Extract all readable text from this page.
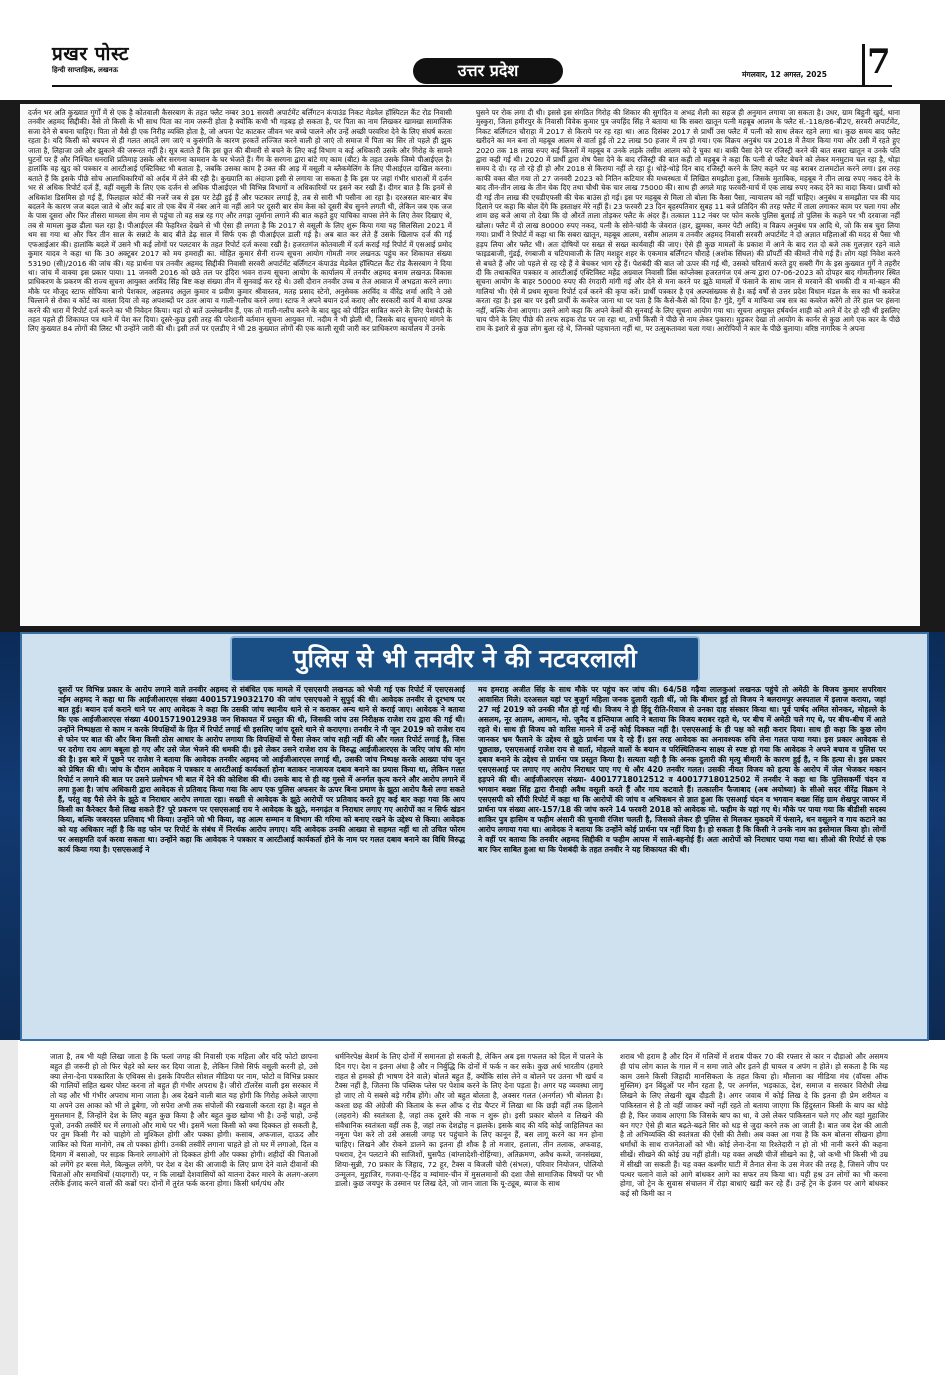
प्रखर पोस्ट
हिन्दी साप्ताहिक, लखनऊ	उत्तर प्रदेश	मंगलवार, 12 अगस्त, 2025 7
दर्जन भर अति कुख्यात गुर्गों में से एक है कोतवाली कैसरबाग के तहत फ्लैट नम्बर 301 सरवरी अपार्टमेंट बर्लिंगटन कंपाउंड निकट मेडवेल हॉस्पिटल कैंट रोड निवासी तनवीर अहमद सिद्दीकी। वैसे तो किसी के भी साथ पिता का नाम जरूरी होता है क्योंकि कभी भी गड़बड़ हो सकता है, पर पिता का नाम लिखकर खामखा सामाजिक सजा देने से बचना चाहिए। पिता तो वैसे ही एक निरीह व्यक्ति होता है, जो अपना पेट काटकर जीवन भर बच्चे पालने और उन्हें अच्छी परवरिश देने के लिए संघर्ष करता रहता है। यदि किसी को बचपन से ही गलत आदतें लग जाएं व कुसंगति के कारण हरकतें लज्जित करने वाली हो जाएं तो समाज में पिता का सिर तो पहले ही झुक जाता है, लिहाजा उसे और झुकाने की जरूरत नहीं है। सूत्र बताते हैं कि इस छूत की बीमारी से बचने के लिए कई विभाग व कई अधिकारी उसके और गिरोह के सामने घुटनों पर हैं और निश्चित धनराशि प्रतिमाह उसके और सरगना कामरान के घर भेजते हैं। गैंग के सरगना द्वारा बांटे गए काम (बीट) के तहत उसके जिम्मे पीआईएल है। हालांकि वह खुद को पत्रकार व आरटीआई एक्टिविस्ट भी बताता है, जबकि उसका काम है उक्त की आड़ में वसूली व ब्लैकमेलिंग के लिए पीआईएल दाखिल करना। बताते हैं कि इसके पीछे सोच आलाधिकारियों को अर्दब में लेने की रही है। कुख्याति का अंदाजा इसी से लगाया जा सकता है कि इस पर जहां गंभीर धाराओं में दर्जन भर से अधिक रिपोर्ट दर्ज हैं, वहीं वसूली के लिए एक दर्जन से अधिक पीआईएल भी विभिन्न विभागों व अधिकारियों पर इसने कर रखी हैं। दीगर बात है कि इनमें से अधिकांश डिसमिस हो गई हैं, फिलहाल कोर्ट की नजरें जब से इस पर टेढ़ी हुई हैं और फटकार लगाई है, तब से सारी भी पसीना आ रहा है। दरअसल बार-बार बेंच बदलने के कारण जज बदल जाते थे और कई बार तो एक बेंच में नंबर आने वा नहीं आने पर दूसरी बार सेम केस को दूसरी बेंच सुनने लगती थी, लेकिन जब एक जज के पास दूसरा और फिर तीसरा मामला सेम नाम से पहुंचा तो वह सन्न रह गए और तगड़ा जुर्माना लगाने की बात कहते हुए याचिका वापस लेने के लिए तेवर दिखाए थे, तब से मामला कुछ ढीला चल रहा है। पीआईएल की फेहरिश्त देखने से भी ऐसा ही लगता है कि 2017 से वसूली के लिए शुरू किया गया यह सिलसिला 2021 में थम सा गया था और फिर तीन साल के सन्नाटे के बाद बीते डेढ़ साल में सिर्फ एक ही पीआईएल डाली गई है। अब बात कर लेते हैं उसके खिलाफ दर्ज की गई एफआईआर की। हालांकि बदले में उसने भी कई लोगों पर पलटवार के तहत रिपोर्ट दर्ज करवा रखी है। हजरतगंज कोतवाली में दर्ज कराई गई रिपोर्ट में एसआई प्रमोद कुमार यादव ने कहा था कि 30 अक्टूबर 2017 को मय हमराही का. मोहित कुमार सैनी राज्य सूचना आयोग गोमती नगर लखनऊ पहुंच कर शिकायत संख्या 53190 (सी)/2016 की जांच की। यह प्रार्थना पत्र तनवीर अहमद सिद्दीकी निवासी सरवरी अपार्टमेंट बर्लिंगटन कंपाउंड मेडवेल हॉस्पिटल कैंट रोड कैसरबाग ने दिया था। जांच में वाक्या इस प्रकार पाया। 11 जनवरी 2016 को छठे तल पर इंदिरा भवन राज्य सूचना आयोग के कार्यालय में तनवीर अहमद बनाम लखनऊ विकास प्राधिकरण के प्रकरण की राज्य सूचना आयुक्त अरविंद सिंह बिष्ट कक्ष संख्या तीन में सुनवाई कर रहे थे। उसी दौरान तनवीर उच्च व तेज आवाज में अभद्रता करने लगा। मौके पर मौजूद स्टाफ सोफिया बानो पेशकार, अहलमद अतुल कुमार व प्रवीण कुमार श्रीवास्तव, मतह प्रसाद स्टेनो, अनुसेवक अरविंद व वीरेंद्र शर्मा आदि ने उसे चिल्लाने से रोका व कोर्ट का वास्ता दिया तो वह अपशब्दों पर उतर आया व गाली-गलौच करने लगा। स्टाफ ने अपने बयान दर्ज कराए और सरकारी कार्य में बाधा उत्पन्न करने की धारा में रिपोर्ट दर्ज करने का भी निवेदन किया। यहां दो बातें उल्लेखनीय हैं, एक तो गाली-गलौच करने के बाद खुद को पीड़ित साबित करने के लिए पेशबंदी के तहत पहले ही शिकायत पत्र थाने में पेश कर दिया। दूसरे-कुछ इसी तरह की परेशानी वर्तमान सूचना आयुक्त गो. नदीम ने भी झेली थी, जिसके बाद सुचनाएं मांगने के लिए कुख्यात 84 लोगों की लिस्ट भी उन्होंने जारी की थी। इसी तर्ज पर एलडीए ने भी 28 कुख्यात लोगों की एक काली सूची जारी कर प्राधिकरण कार्यालय में उनके
घुसने पर रोक लगा दी थी। इससे इस संगठित गिरोह की शिकार की सुगंदित व अभद्र शैली का सहज ही अनुमान लगाया जा सकता है। उधर, ग्राम बिहुनी खुर्द, थाना मुस्कुरा, जिला हमीरपुर के निवासी विवेक कुमार पुत्र जयहिंद सिंह ने बताया था कि सबरा खातून पत्नी महबूब आलम के फ्लैट सं.-118/86-बी2ए, सरवरी अपार्टमेंट, निकट बर्लिंगटन चौराहा में 2017 से किराये पर रह रहा था। आठ दिसंबर 2017 से प्रार्थी उस फ्लैट में पत्नी को साथ लेकर रहने लगा था। कुछ समय बाद फ्लैट खरीदने का मन बना तो महबूब आलम से वार्ता हुई तो 22 लाख 50 हजार में तय हो गया। एक विक्रय अनुबंध पत्र 2018 में तैयार किया गया और उसी में रहते हुए 2020 तक 18 लाख रुपए कई किस्तों में महबूब व उनके लड़के तसीम आलम को दे चुका था। बाकी पैसा देने पर रजिस्ट्री करने की बात सबरा खातून व उनके पति द्वारा कही गई थी। 2020 में प्रार्थी द्वारा शेष पैसा देने के बाद रजिस्ट्री की बात कही तो महबूब ने कहा कि पत्नी से फ्लैट बेचने को लेकर मनमुटाव चल रहा है, थोड़ा समय दे दो। रह तो रहे ही हो और 2018 से किराया नहीं ले रहा हूं। थोड़े-थोड़े दिन बाद रजिस्ट्री करने के लिए कहने पर वह बराबर टालमटोल करने लगा। इस तरह काफी वक्त बीत गया तो 27 जनवरी 2023 को नितिन कटियार की मध्यस्थता में लिखित समझौता हुआ, जिसके मुताबिक, महबूब ने तीन लाख रुपए नकद देने के बाद तीन-तीन लाख के तीन चेक दिए तथा चौथी चेक चार लाख 75000 की। साथ ही अगले माह फरवरी-मार्च में एक लाख रुपए नकद देने का वादा किया। प्रार्थी को दी गई तीन लाख की एचडीएफसी की चेक बाउंस हो गई। इस पर महबूब से मिला तो बोला कि कैसा पैसा, न्यायालय को नहीं चाहिए। अनुबंध व समझौता पत्र की याद दिलाने पर कहा कि बोल देंगे कि हस्ताक्षर मेरे नहीं हैं। 23 फरवरी 23 दिन बृहस्पतिवार सुबह 11 बजे प्रतिदिन की तरह फ्लैट में ताला लगाकर काम पर चला गया और शाम छह बजे आया तो देखा कि दो औरतें ताला तोड़कर फ्लैट के अंदर हैं। तत्काल 112 नंबर पर फोन करके पुलिस बुलाई तो पुलिस के कहने पर भी दरवाजा नहीं खोला। फ्लैट में दो लाख 80000 रुपए नकद, पत्नी के सोने-चांदी के जेवरात (हार, झुमका, कमर पेटी आदि) व विक्रय अनुबंध पत्र आदि थे, जो कि सब चुरा लिया गया। प्रार्थी ने रिपोर्ट में कहा था कि सबरा खातून, महबूब आलम, वसीम आलम व तनवीर अहमद निवासी सरवरी अपार्टमेंट ने दो अज्ञात महिलाओं की मदद से पैसा भी हड़प लिया और फ्लैट भी। अतः दोषियों पर सख्त से सख्त कार्यवाही की जाए। ऐसे ही कुछ मामलों के प्रकाश में आने के बाद रात दो बजे तक गुलज़ार रहने वाले फाइडबाजी, गुंडई, रंगबाजी व चटियावाजी के लिए मशहूर शहर के एकमात्र बर्लिंगटन चौराहे (अशोक सिंघल) की प्रॉपर्टी की कीमतें नीचे गई हैं। लोग यहां निवेश करने से बचते हैं और जो पहले से रह रहे हैं वे बेचकर भाग रहे हैं। पेशबंदी की बात जो ऊपर की गई थी, उसको चरितार्थ करते हुए सबरी गैंग के इस कुख्यात गुर्गे ने तहरीर दी कि तथाकथित पत्रकार व आरटीआई एक्टिविस्ट महेंद्र अग्रवाल निवासी प्रिंस कांप्लेक्स हजरतगंज एवं अन्य द्वारा 07-06-2023 को दोपहर बाद गोमतीनगर स्थित सूचना आयोग के बाहर 50000 रुपए की रंगदारी मांगी गई और देने से मना करने पर झूठे मामलों में फंसाने के साथ जान से मरवाने की धमकी दी व मां-बहन की गालियां भी। ऐसे में प्रथम सूचना रिपोर्ट दर्ज करने की कृपा करें। प्रार्थी पत्रकार है एवं अल्पसंख्यक से है। कई वर्षों से उत्तर प्रदेश विधान मंडल के सत्र का भी कवरेज करता रहा है। इस बार पर इसी प्रार्थी के कवरेज जाना था पर पता है कि कैसे-कैसे को दिया है? गुंडे, गुर्गे व माफिया जब सत्र का कवरेज करेंगे तो तेरे हाल पर हंसना नहीं, बल्कि रोना आएगा। उसने आगे कहा कि अपने केसों की सुनवाई के लिए सूचना आयोग गया था। सूचना आयुक्त हर्षवर्धन शाही को आने में देर हो रही थी इसलिए चाय पीने के लिए पीछे की तरफ सड़क रोड पर जा रहा था, तभी किसी ने पीछे से नाम लेकर पुकारा। मुड़कर देखा तो आयोग के कार्नर से कुछ आगे एक कार के पीछे राम के इशारे से कुछ लोग बुला रहे थे, जिनको पहचानता नहीं था, पर उत्सुकतावश चला गया। आरोपियों ने कार के पीछे बुलाया। वरिष्ठ नागरिक ने अपना
पुलिस से भी तनवीर ने की नटवरलाली
दूसरों पर विभिन्न प्रकार के आरोप लगाने वाले तनवीर अहमद से संबंधित एक मामले में एसएसपी लखनऊ को भेजी गई एक रिपोर्ट में एसएसआई नईम अहमद ने कहा था कि आईजीआरएस संख्या 40015719032170 की जांच एसएचओ ने सुपुर्द की थी। आवेदक तनवीर से दूरभाष पर बात हुई। बयान दर्ज कराने थाने पर आए आवेदक ने कहा कि उसकी जांच स्थानीय थाने से न कराकर अन्य थाने से कराई जाए। आवेदक ने बताया कि एक आईजीआरएस संख्या 40015719012938 जन शिकायत में प्रस्तुत की थी, जिसकी जांच उस निरीक्षक राजेश राय द्वारा की गई थी। उन्होंने निष्पक्षता से काम न करके विपक्षियों के हित में रिपोर्ट लगाई थी इसलिए जांच दूसरे थाने से कराएगा। तनवीर ने नौ जून 2019 को राजेश राय से फोन पर बात की और बिना किसी ठोस आधार के आरोप लगाया कि विपक्षियों से पैसा लेकर जांच सही नहीं की और गलत रिपोर्ट लगाई है, जिस पर दरोगा राय आग बबूला हो गए और उसे जेल भेजने की धमकी दी। इसे लेकर उसने राजेश राय के विरुद्ध आईजीआरएस के जरिए जांच की मांग की है। इस बारे में पूछने पर राजेश ने बताया कि आवेदक तनवीर अहमद जो आईजीआरएस लगाई थी, उसकी जांच निष्पक्ष करके आख्या पांच जून को प्रेषित की थी। जांच के दौरान आवेदक ने पत्रकार व आरटीआई कार्यकर्ता होना बताकर नाजायज दबाव बनाने का प्रयास किया था, लेकिन गलत रिपोर्ट न लगाने की बात पर उसने प्रलोभन भी बात में देने की कोशिश की थी। उसके बाद से ही वह गुस्से में अनर्गल कृत्य करने और आरोप लगाने में लगा हुआ है। जांच अधिकारी द्वारा आवेदक से प्रतिवाद किया गया कि आप एक पुलिस अफसर के ऊपर बिना प्रमाण के झूठा आरोप कैसे लगा सकते हैं, परंतु वह पैसे लेने के झूठे व निराधार आरोप लगाता रहा। सख्ती से आवेदक के झूठे आरोपों पर प्रतिवाद करते हुए कई बार कहा गया कि आप किसी का कैरेक्टर कैसे लिख सकते हैं? पूरे प्रकरण पर एसएसआई राय ने आवेदक के झूठे, मनगढ़ंत व निराधार लगाए गए आरोपों का न सिर्फ खंडन किया, बल्कि जबरदस्त प्रतिवाद भी किया। उन्होंने जो भी किया, वह आत्म सम्मान व विभाग की गरिमा को बनाए रखने के उद्देश्य से किया। आवेदक को यह अधिकार नहीं है कि वह फोन पर रिपोर्ट के संबंध में निरर्थक आरोप लगाए। यदि आवेदक उनकी आख्या से सहमत नहीं था तो उचित फोरम पर असहमति दर्ज करवा सकता था। उन्होंने कहा कि आवेदक ने पत्रकार व आरटीआई कार्यकर्ता होने के नाम पर गलत दबाव बनाने का विधि विरुद्ध कार्य किया गया है। एसएसआई ने
मय हमराह अजीत सिंह के साथ मौके पर पहुंच कर जांच की। 64/58 गढ़ैया लालकुआं लखनऊ पहुंचे तो अमेठी के विजय कुमार सपरिवार आवासित मिले। दरअसल यहां पर बुजुर्ग महिला जनक दुलारी रहती थीं, जो कि बीमार हुईं तो विजय ने बलरामपुर अस्पताल में इलाज कराया, जहां 27 मई 2019 को उनकी मौत हो गई थी। विजय ने ही हिंदू रीति-रिवाज से उनका दाह संस्कार किया था। पूर्व पार्षद अमित सोनकर, मोहल्ले के असलम, नूर आलम, आमान, मो. जुनैद व इम्तियाज आदि ने बताया कि विजय बराबर रहते थे, पर बीच में अमेठी चले गए थे, पर बीच-बीच में आते रहते थे। साथ ही विजय को वारिस मानने में उन्हें कोई दिक्कत नहीं है। एसएसआई के ही पक्ष को सही करार दिया। साथ ही कहा कि कुछ लोग जानकर भ्रम फैलाने के उद्देश्य से झूठे प्रार्थना पत्र दे रहे हैं। इस तरह आवेदक का अनावश्यक रुचि लेना गलत पाया गया। इस प्रकार आवेदक से पूछताछ, एसएसआई राजेश राय से वार्ता, मोहल्ले वालों के बयान व परिस्थितिजन्य साक्ष्य से स्पष्ट हो गया कि आवेदक ने अपने बचाव व पुलिस पर दबाव बनाने के उद्देश्य से प्रार्थना पत्र प्रस्तुत किया है। सत्यता यही है कि अनक दुलारी की मृत्यु बीमारी के कारण हुई है, न कि हत्या से। इस प्रकार एसएसआई पर लगाए गए आरोप निराधार पाए गए थे और 420 तनवीर गलत। उसकी नीयत विजय को हत्या के आरोप में जेल भेजकर मकान हड़पने की थी। आईजीआरएस संख्या- 40017718012512 व 40017718012502 में तनवीर ने कहा था कि पुलिसकर्मी चंदन व भगवान बख्श सिंह द्वारा रौनाही अवैध वसूली करते हैं और गाय कटवाते हैं। तत्कालीन फैजाबाद (अब अयोध्या) के सीओ सदर वीरेंद्र विक्रम ने एसएसपी को सौंपी रिपोर्ट में कहा था कि आरोपों की जांच व अभिकथन से ज्ञात हुआ कि एसआई चंदन व भगवान बख्श सिंह ग्राम शेखपुर जाफर में प्रार्थना पत्र संख्या आर-157/18 की जांच करने 14 फरवरी 2018 को आवेदक मो. फहीम के यहां गए थे। मौके पर पाया गया कि बीडीसी सदस्य शाकिर पुत्र हासिम व फहीम अंसारी की चुनावी रंजिश चलती है, जिसको लेकर ही पुलिस से मिलकर मुकदमे में फंसाने, धन वसूलने व गाय कटाने का आरोप लगाया गया था। आवेदक ने बताया कि उन्होंने कोई प्रार्थना पत्र नहीं दिया है। हो सकता है कि किसी ने उनके नाम का इस्तेमाल किया हो। लोगों ने वहीं पर बताया कि तनवीर अहमद सिद्दीकी व फहीम आपस में साले-बहनोई हैं। अतः आरोपों को निराधार पाया गया था। सीओ की रिपोर्ट से एक बार फिर साबित हुआ था कि पेशबंदी के तहत तनवीर ने यह शिकायत की थी।
जाता है, तब भी यही लिखा जाता है कि फलां जगह की निवासी एक महिला और यदि फोटो छापना बहुत ही जरूरी हो तो फिर चेहरे को ब्लर कर दिया जाता है, लेकिन जिसे सिर्फ वसूली करनी हो, उसे क्या लेना-देना पत्रकारिता के एथिक्स से। इसके विपरीत सोशल मीडिया पर नाम, फोटो व विभिन्न प्रकार की गालियों सहित खबर पोस्ट करना तो बहुत ही गंभीर अपराध है। जीरो टॉलरेंस वाली इस सरकार में तो यह और भी गंभीर अपराध माना जाता है। अब देखने वाली बात यह होगी कि गिरोह अकेले जाएगा या अपने उस आका को भी ले डूबेगा, जो सपेरा अभी तक संपोलों की रखवाली करता रहा है। बहुत से मुसलमान हैं, जिन्होंने देश के लिए बहुत कुछ किया है और बहुत कुछ खोया भी है। उन्हें चाहो, उन्हें पूजो, उनकी तस्वीरें घर में लगाओ और माथे पर भी। इसमें भला किसी को क्या दिक्कत हो सकती है, पर तुम किसी गैर को चाहोगे तो मुश्किल होगी और पक्का होगी। कसाब, अफजाल, दाऊद और जाकिर को पिता मानोगे, तब तो पक्का होगी। उनकी तस्वीरें लगाना चाहते हो तो घर में लगाओ, दिल व दिमाग में बसाओ, पर सड़क किनारे लगाओगे तो दिक्कत होगी और पक्का होगी। शहीदों की चिताओं को लगेंगे हर बरस मेले, बिल्कुल लगेंगे, पर देश व देश की आजादी के लिए प्राण देने वाले दीवानों की चिताओं और समाधियों (यादगारों) पर, न कि लाखों देशवासियों को यातना देकर मारने के अलग-अलग तरीके ईजाद करने वालों की कब्रों पर। दोनों में तुरंत फर्क करना होगा। किसी धर्म/पंथ और
धर्मनिरपेक्ष बेशर्म के लिए दोनों में समानता हो सकती है, लेकिन अब इस गफलत को दिल में पालने के दिन गए। देश न इतना अंधा है और न निर्बुद्धि कि दोनों में फर्क न कर सके। कुछ अर्ध भारतीय (हमारे राहत से हमको ही भाषण देने वाले) बोलते बहुत हैं, क्योंकि सांस लेने व बोलने पर उतना भी खर्च व टैक्स नहीं है, जितना कि पब्लिक प्लेस पर पेशाब करने के लिए देना पड़ता है। अगर यह व्यवस्था लागू हो जाए तो ये सबसे बड़े गरीब होंगे। और जो बहुत बोलता है, अक्सर गलत (अनर्गल) भी बोलता है। कश्ता छह की अंग्रेजी की किताब के रूल ऑफ द रोड चैप्टर में लिखा था कि छड़ी वहीं तक हिलाने (लहराने) की स्वतंत्रता है, जहां तक दूसरे की नाक न शुरू हो। इसी प्रकार बोलने व लिखने की संवैधानिक स्वतंत्रता वहीं तक है, जहां तक देशद्रोह न झलके। इसके बाद की यदि कोई जाहिलियत का नमूना पेश करे तो उसे असली जगह पर पहुंचाने के लिए कानून हैं, बस लागू करने का मन होना चाहिए। लिखने और रोकने डालने का इतना ही शौक है तो मजार, हलाला, तीन तलाक, अफवाह, पथराव, ट्रेन पलटाने की साजिशों, घुसपैठ (बांग्लादेशी-रोहिंग्या), अतिक्रमण, अवैध कब्जे, जनसंख्या, शिया-सुन्नी, 70 प्रकार के जिहाद, 72 हूर, टैक्स व बिजली चोरी (संभल), परिवार नियोजन, पोलियो उन्मूलन, मुहाजिर, गजवा-ए-हिंद व म्यांमार-चीन में मुसलमानों की दशा जैसे सामाजिक विषयों पर भी डालो। कुछ जयपुर के उस्मान पर लिख देते, जो जान जाता कि यू-ट्यूब, ब्याज के साथ
शराब भी हराम है और दिन में गलियों में शराब पीकर 70 की रफ्तार से कार न दौड़ाओ और असमय ही पांच लोग काल के गाल में न समा जाते और इतने ही घायल व अपंग न होते। हो सकता है कि यह काम उसने किसी जिहादी मानसिकता के तहत किया हो। मौलाना का मीडिया मंच (वॉयस ऑफ मुस्लिम) इन बिंदुओं पर मौन रहता है, पर अनर्गल, भड़काऊ, देश, समाज व सरकार विरोधी लेख लिखने के लिए लेखनी खूब दौड़ती है। अगर जवाब में कोई लिख दे कि इतना ही प्रेम शरीयत व पाकिस्तान से है तो वहीं जाकर क्यों नहीं रहते तो बताया जाएगा कि हिंदुस्तान किसी के बाप का थोड़े ही है, फिर जवाब आएगा कि जिसके बाप का था, वे उसे लेकर पाकिस्तान चले गए और यहां मुहाजिर बन गए? ऐसे ही बात बढ़ते-बढ़ते सिर को धड़ से जुदा करने तक आ जाती है। बात जब देश की आती है तो अभिव्यक्ति की स्वतंत्रता की ऐसी की तैसी। अब वक्त आ गया है कि कम बोलना सीखना होगा धर्मांधों के साथ राजनेताओं को भी। कोई लेना-देना या रिश्तेदारी न हो तो भी नानी करने की कहना सीखें। सीखने की कोई उम्र नहीं होती। यह वक्त अच्छी चीजें सीखने का है, जो कभी भी किसी भी उम्र में सीखी जा सकती हैं। यह वक्त कश्मीर घाटी में तैनात सेना के उस मेजर की तरह है, जिसने जीप पर पत्थर चलाने वाले को आगे बांधकर आगे का सफर तय किया था। यही हश्र उन लोगों का भी करना होगा, जो ट्रेन के सुवास संचालन में रोड़ा बाधाएं खड़ी कर रहे हैं। उन्हें ट्रेन के इंजन पर आगे बांधकर कई सौ किमी का न
